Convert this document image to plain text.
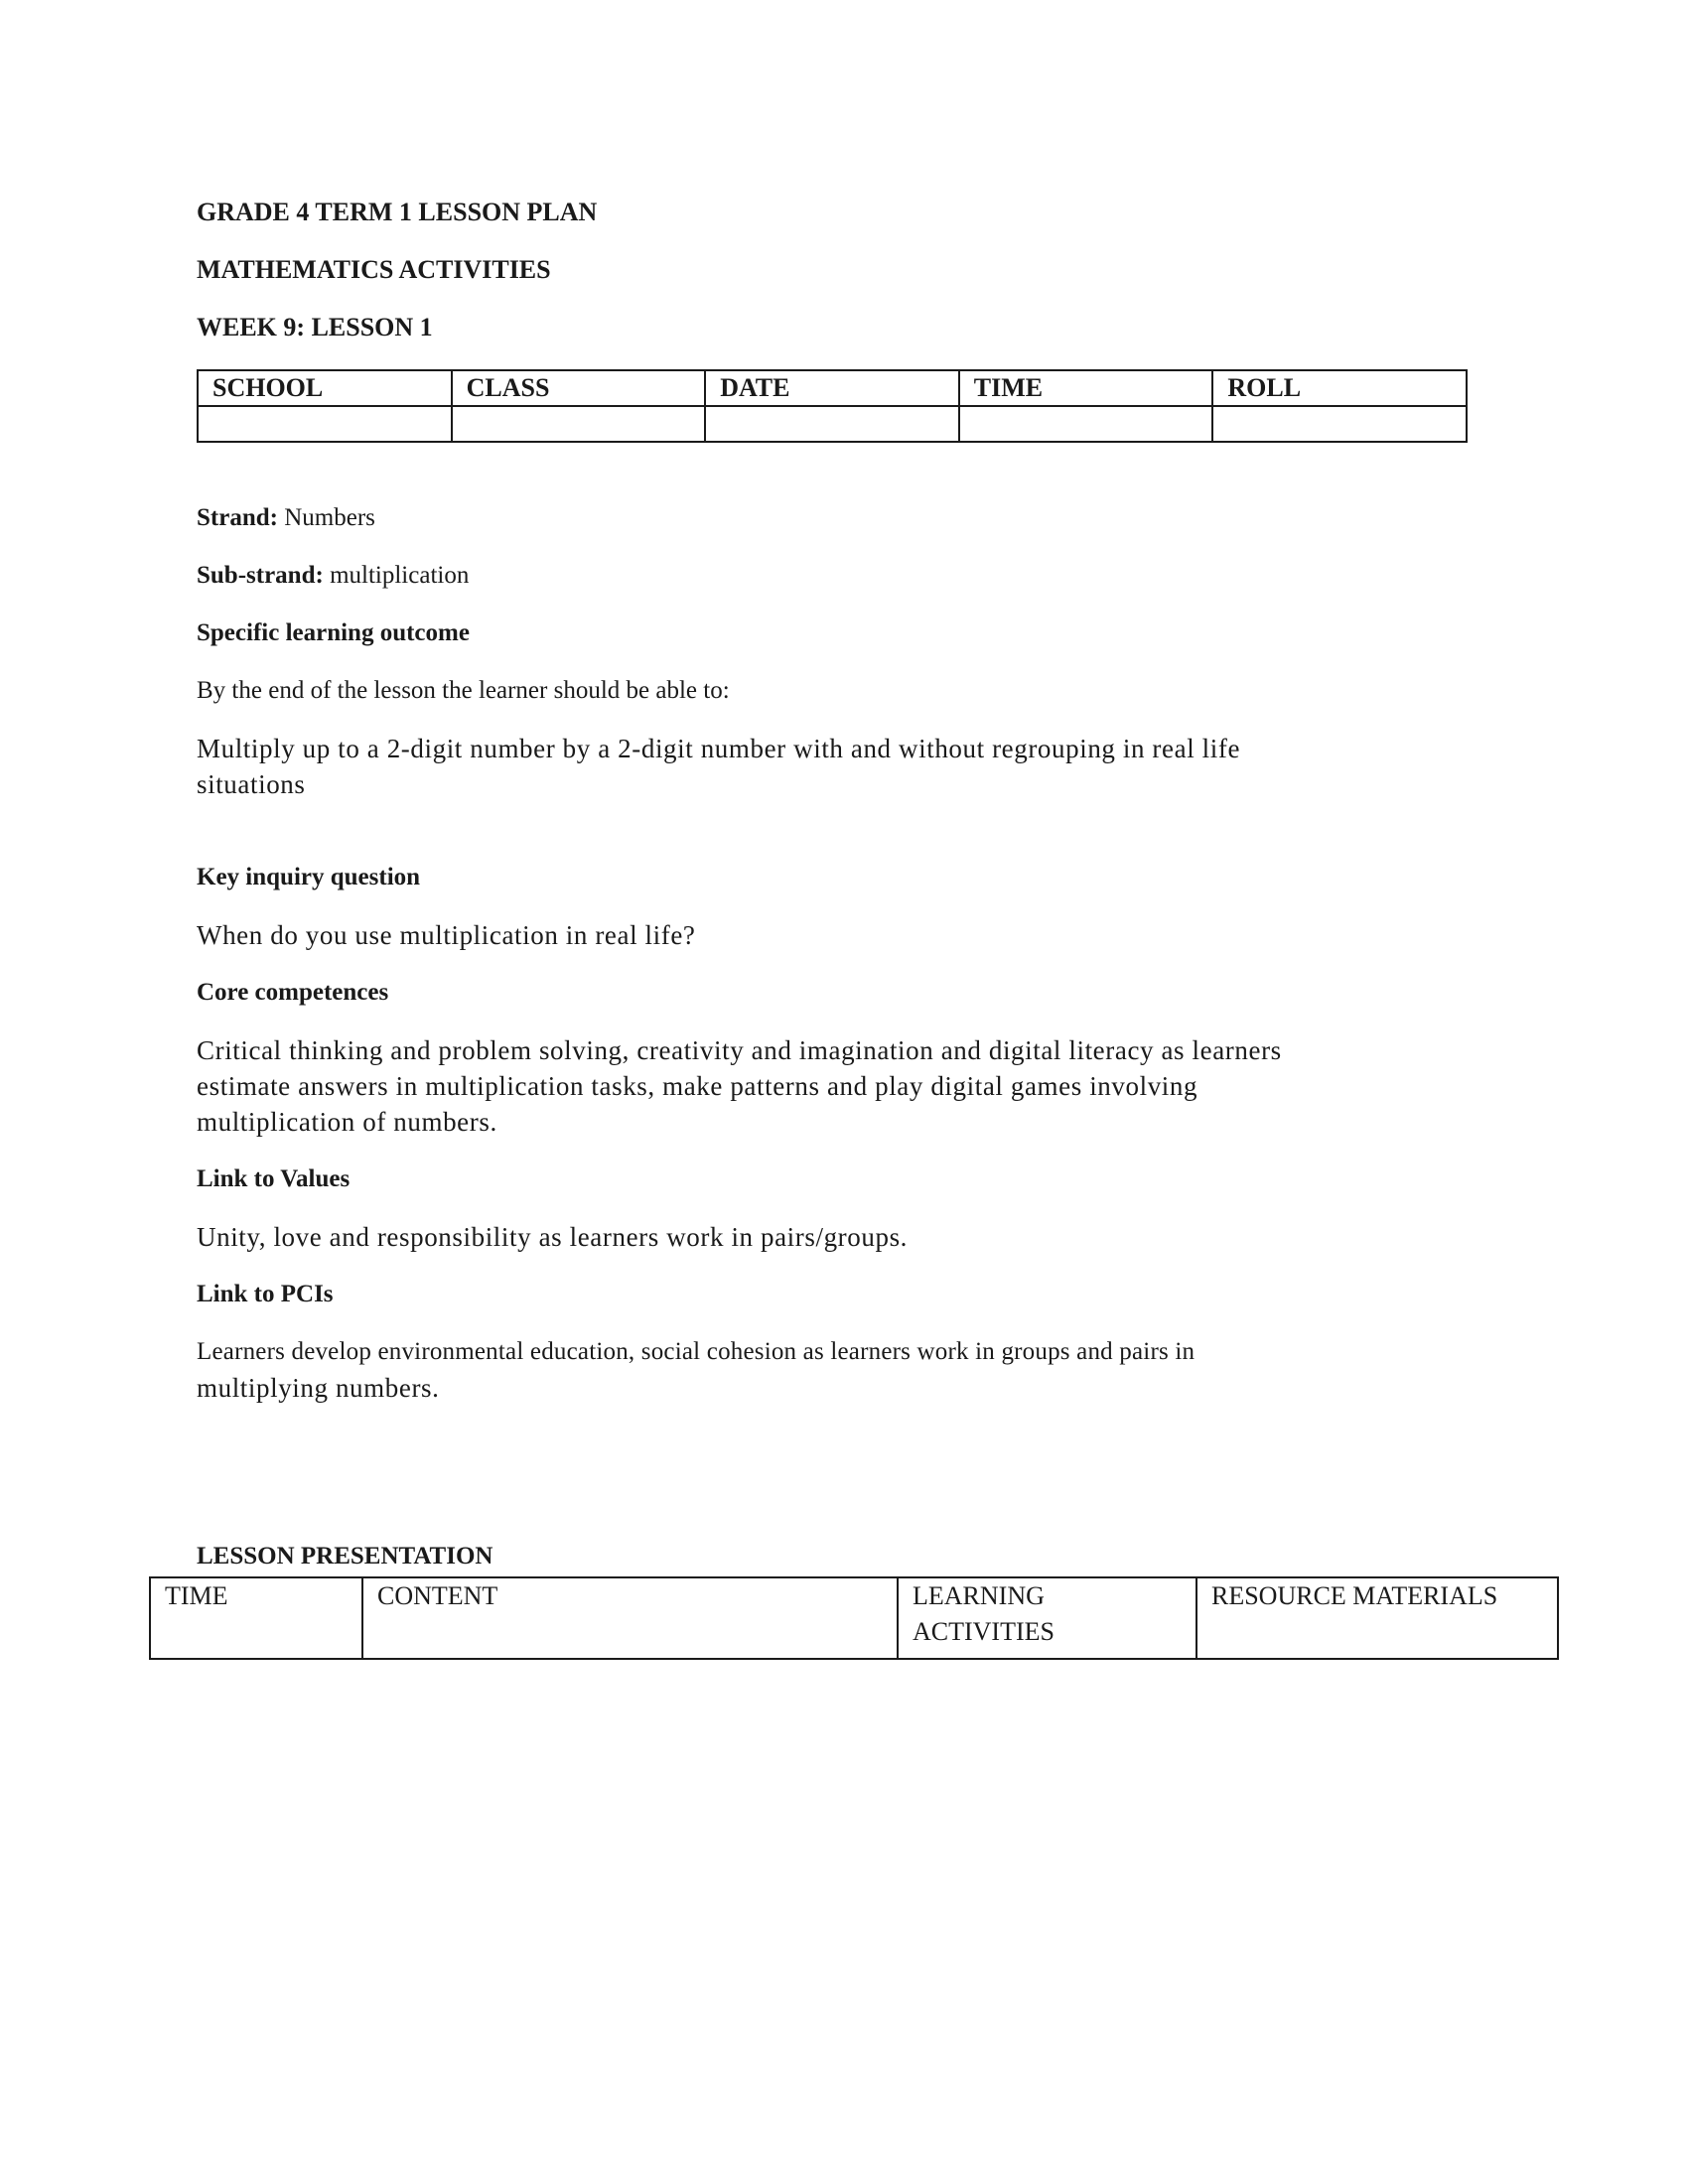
GRADE 4 TERM 1 LESSON PLAN

MATHEMATICS ACTIVITIES

WEEK 9: LESSON 1

SCHOOL	CLASS	DATE	TIME	ROLL

Strand: Numbers

Sub-strand: multiplication

Specific learning outcome

By the end of the lesson the learner should be able to:

Multiply up to a 2-digit number by a 2-digit number with and without regrouping in real life

situations

Key inquiry question

When do you use multiplication in real life?

Core competences

Critical thinking and problem solving, creativity and imagination and digital literacy as learners

estimate answers in multiplication tasks, make patterns and play digital games involving

multiplication of numbers.

Link to Values

Unity, love and responsibility as learners work in pairs/groups.

Link to PCIs

Learners develop environmental education, social cohesion as learners work in groups and pairs in

multiplying numbers.

LESSON PRESENTATION

TIME	CONTENT	LEARNING ACTIVITIES	RESOURCE MATERIALS
